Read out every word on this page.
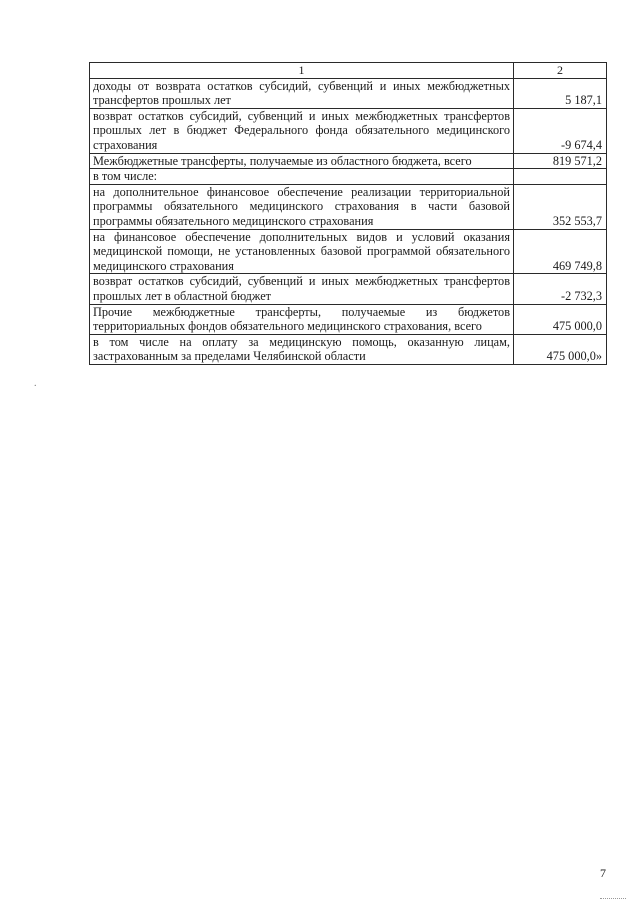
1	2
доходы от возврата остатков субсидий, субвенций и иных межбюджетных трансфертов прошлых лет	5 187,1
возврат остатков субсидий, субвенций и иных межбюджетных трансфертов прошлых лет в бюджет Федерального фонда обязательного медицинского страхования	-9 674,4
Межбюджетные трансферты, получаемые из областного бюджета, всего	819 571,2
в том числе:	
на дополнительное финансовое обеспечение реализации территориальной программы обязательного медицинского страхования в части базовой программы обязательного медицинского страхования	352 553,7
на финансовое обеспечение дополнительных видов и условий оказания медицинской помощи, не установленных базовой программой обязательного медицинского страхования	469 749,8
возврат остатков субсидий, субвенций и иных межбюджетных трансфертов прошлых лет в областной бюджет	-2 732,3
Прочие межбюджетные трансферты, получаемые из бюджетов территориальных фондов обязательного медицинского страхования, всего	475 000,0
в том числе на оплату за медицинскую помощь, оказанную лицам, застрахованным за пределами Челябинской области	475 000,0»
.
7
